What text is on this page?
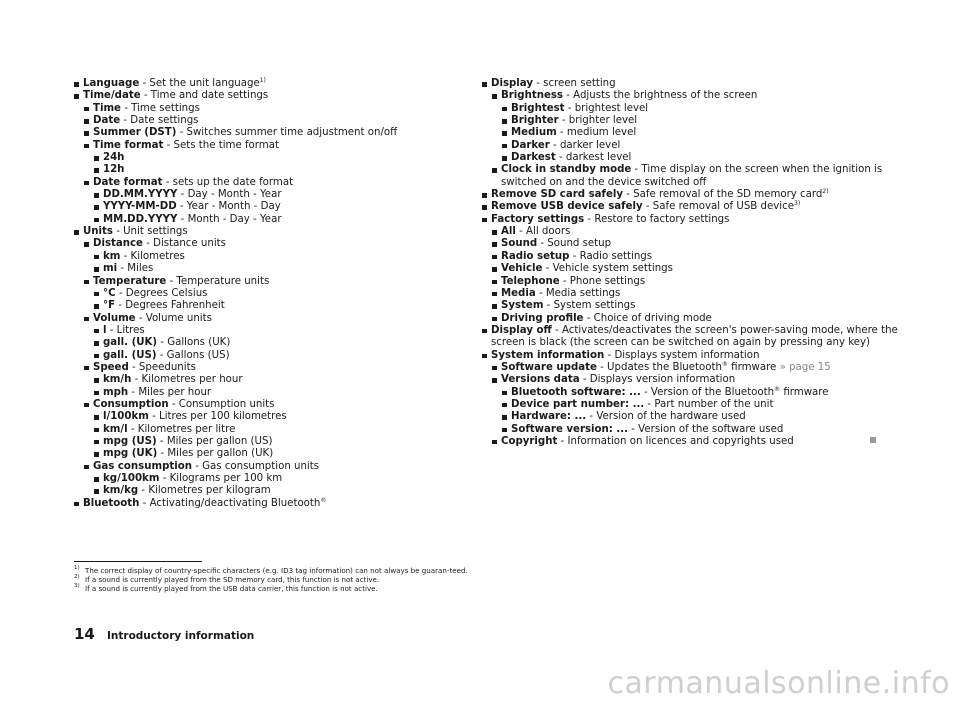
Language - Set the unit language$^{1)}$
Time/date - Time and date settings
Time - Time settings
Date - Date settings
Summer (DST) - Switches summer time adjustment on/off
Time format - Sets the time format
24h
12h
Date format - sets up the date format
DD.MM.YYYY - Day - Month - Year
YYYY-MM-DD - Year - Month - Day
MM.DD.YYYY - Month - Day - Year
Units - Unit settings
Distance - Distance units
km - Kilometres
mi - Miles
Temperature - Temperature units
°C - Degrees Celsius
°F - Degrees Fahrenheit
Volume - Volume units
l - Litres
gall. (UK) - Gallons (UK)
gall. (US) - Gallons (US)
Speed - Speedunits
km/h - Kilometres per hour
mph - Miles per hour
Consumption - Consumption units
l/100km - Litres per 100 kilometres
km/l - Kilometres per litre
mpg (US) - Miles per gallon (US)
mpg (UK) - Miles per gallon (UK)
Gas consumption - Gas consumption units
kg/100km - Kilograms per 100 km
km/kg - Kilometres per kilogram
Bluetooth - Activating/deactivating Bluetooth®
Display - screen setting
Brightness - Adjusts the brightness of the screen
Brightest - brightest level
Brighter - brighter level
Medium - medium level
Darker - darker level
Darkest - darkest level
Clock in standby mode - Time display on the screen when the ignition is switched on and the device switched off
Remove SD card safely - Safe removal of the SD memory card$^{2)}$
Remove USB device safely - Safe removal of USB device$^{3)}$
Factory settings - Restore to factory settings
All - All doors
Sound - Sound setup
Radio setup - Radio settings
Vehicle - Vehicle system settings
Telephone - Phone settings
Media - Media settings
System - System settings
Driving profile - Choice of driving mode
Display off - Activates/deactivates the screen's power-saving mode, where the screen is black (the screen can be switched on again by pressing any key)
System information - Displays system information
Software update - Updates the Bluetooth® firmware » page 15
Versions data - Displays version information
Bluetooth software: ... - Version of the Bluetooth® firmware
Device part number: ... - Part number of the unit
Hardware: ... - Version of the hardware used
Software version: ... - Version of the software used
Copyright - Information on licences and copyrights used
1) The correct display of country-specific characters (e.g. ID3 tag information) can not always be guaran-teed.
2) If a sound is currently played from the SD memory card, this function is not active.
3) If a sound is currently played from the USB data carrier, this function is not active.
14 Introductory information
carmanualsonline.info
